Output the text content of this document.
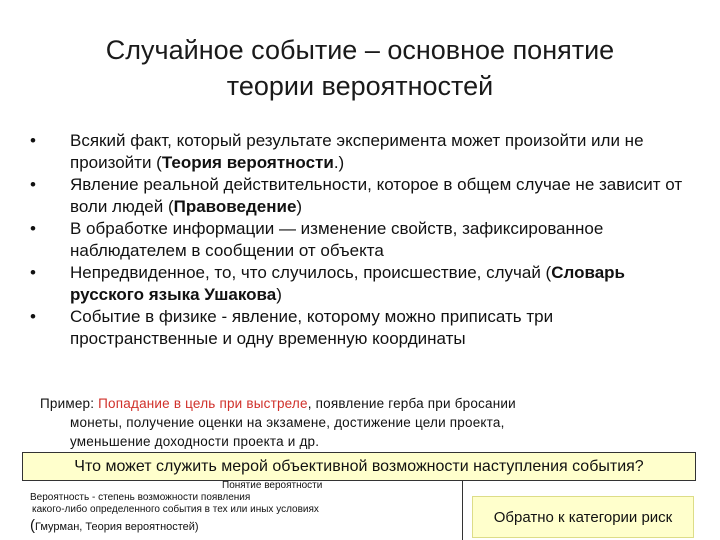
Случайное событие – основное понятие
теории вероятностей
• Всякий факт, который результате эксперимента может произойти или не произойти (Теория вероятности.)
• Явление реальной действительности, которое в общем случае не зависит от воли людей (Правоведение)
• В обработке информации — изменение свойств, зафиксированное наблюдателем в сообщении от объекта
• Непредвиденное, то, что случилось, происшествие, случай (Словарь русского языка Ушакова)
• Событие в физике - явление, которому можно приписать три пространственные и одну временную координаты
Пример: Попадание в цель при выстреле, появление герба при бросании
монеты, получение оценки на экзамене, достижение цели проекта,
уменьшение доходности проекта и др.
Что может служить мерой объективной возможности наступления события?
Понятие вероятности
Вероятность - степень возможности появления
какого-либо определенного события в тех или иных условиях
(Гмурман, Теория вероятностей)
Обратно к категории риск
